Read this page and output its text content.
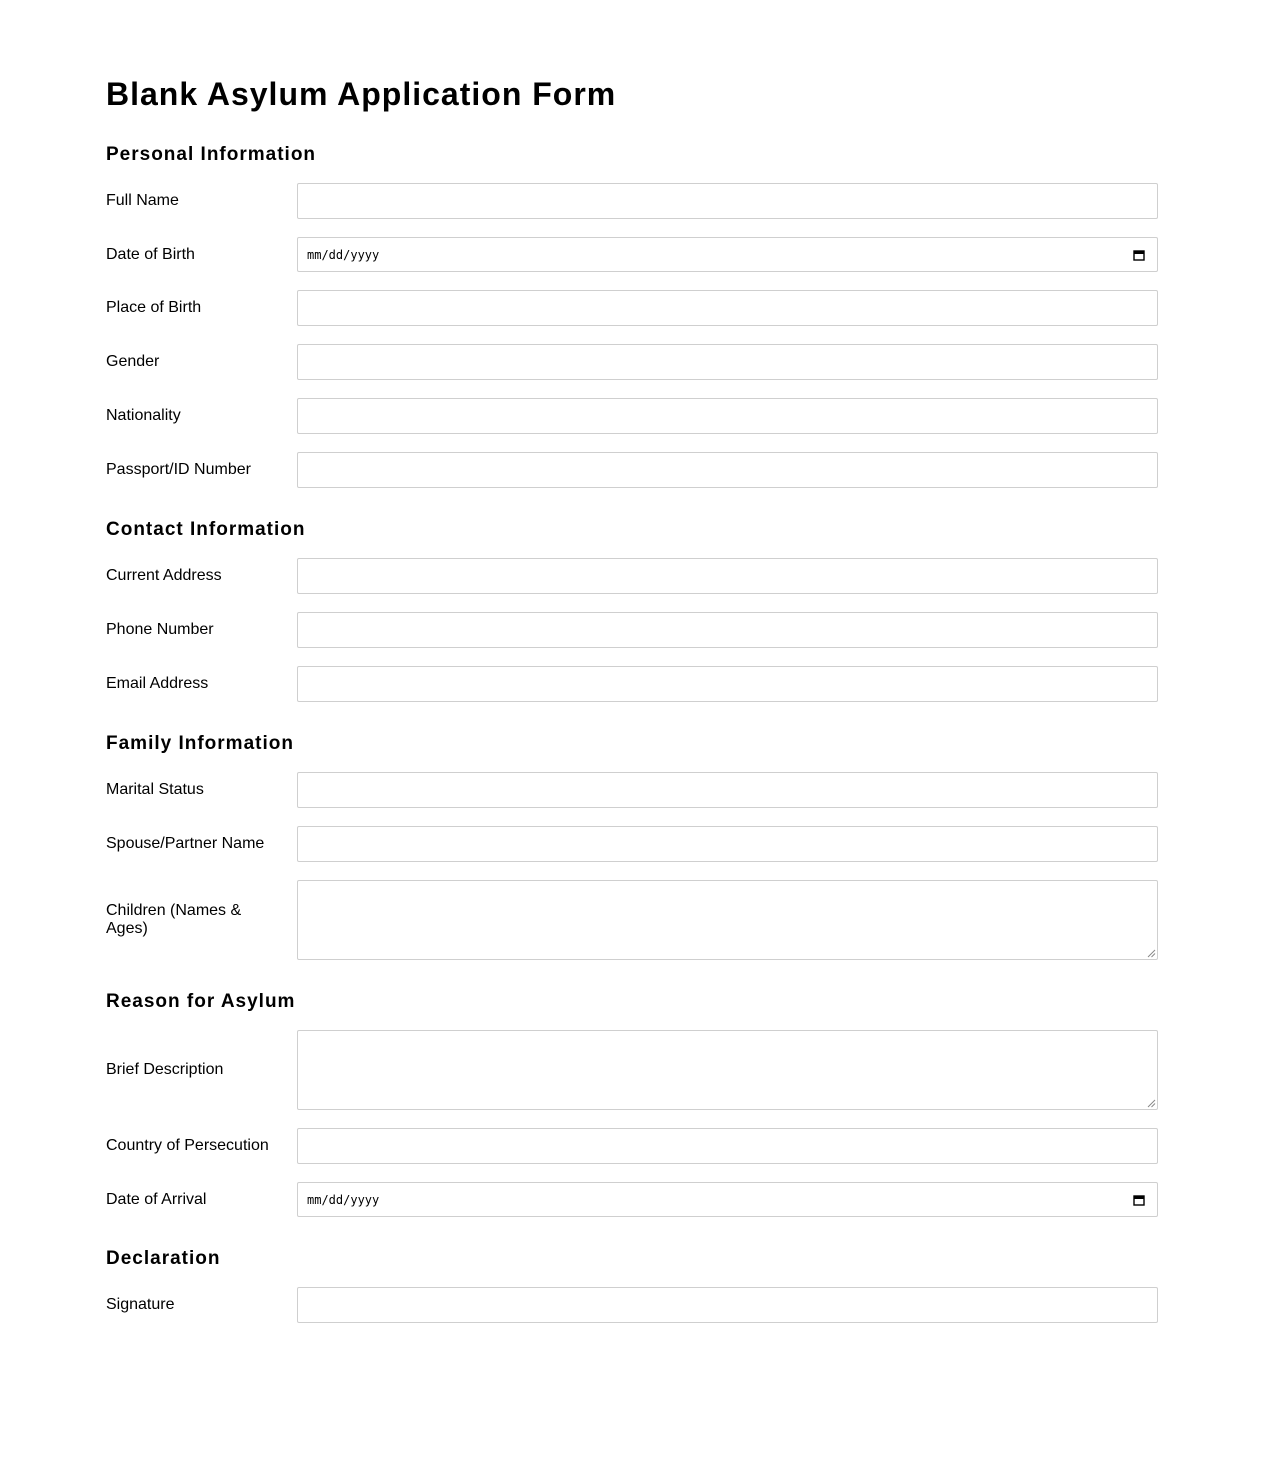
Blank Asylum Application Form
Personal Information
Full Name
Date of Birth	mm/dd/yyyy
Place of Birth
Gender
Nationality
Passport/ID Number
Contact Information
Current Address
Phone Number
Email Address
Family Information
Marital Status
Spouse/Partner Name
Children (Names & Ages)
Reason for Asylum
Brief Description
Country of Persecution
Date of Arrival	mm/dd/yyyy
Declaration
Signature
